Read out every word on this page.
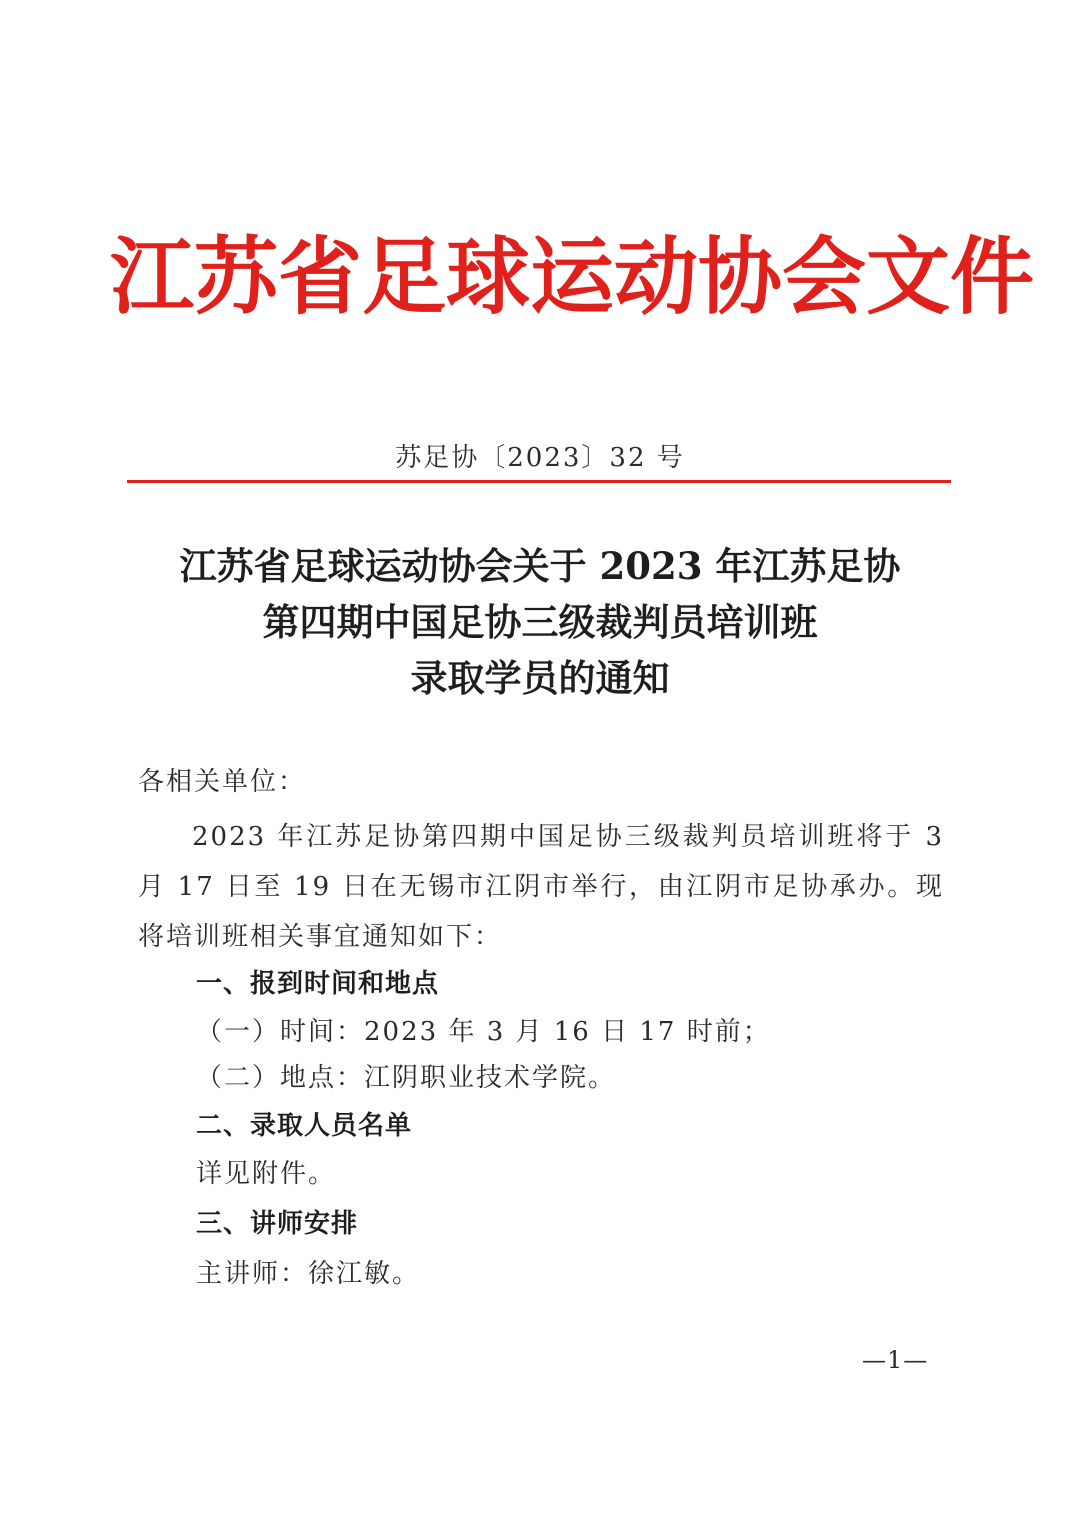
江苏省足球运动协会文件
苏足协〔2023〕32 号
江苏省足球运动协会关于 2023 年江苏足协
第四期中国足协三级裁判员培训班
录取学员的通知
各相关单位：
2023 年江苏足协第四期中国足协三级裁判员培训班将于 3 月 17 日至 19 日在无锡市江阴市举行，由江阴市足协承办。现将培训班相关事宜通知如下：
一、报到时间和地点
（一）时间：2023 年 3 月 16 日 17 时前；
（二）地点：江阴职业技术学院。
二、录取人员名单
详见附件。
三、讲师安排
主讲师：徐江敏。
—1—
